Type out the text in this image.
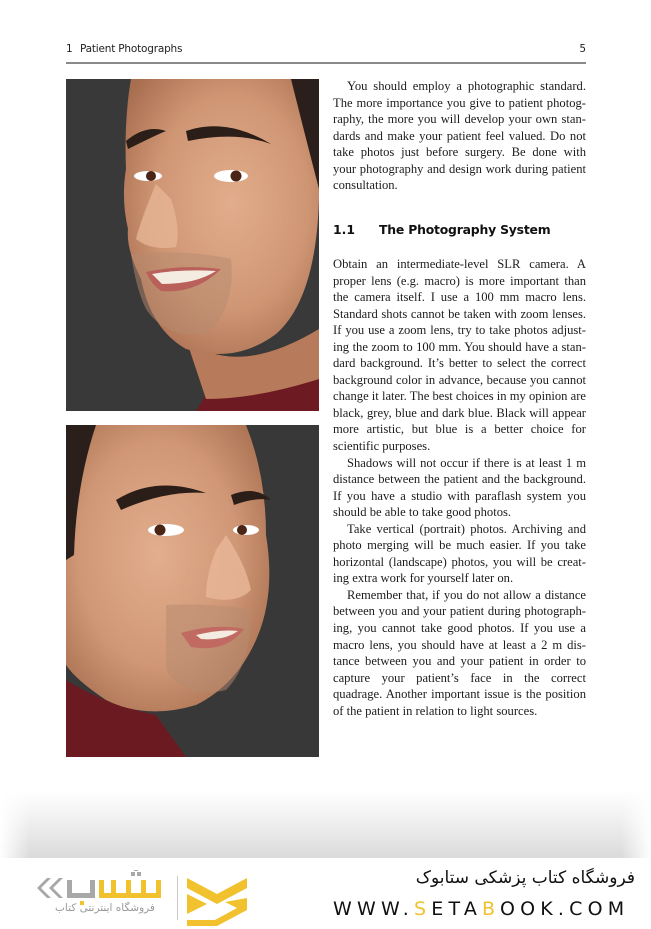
1 Patient Photographs	5

You should employ a photographic standard. The more importance you give to patient photography, the more you will develop your own standards and make your patient feel valued. Do not take photos just before surgery. Be done with your photography and design work during patient consultation.

1.1 The Photography System

Obtain an intermediate-level SLR camera. A proper lens (e.g. macro) is more important than the camera itself. I use a 100 mm macro lens. Standard shots cannot be taken with zoom lenses. If you use a zoom lens, try to take photos adjusting the zoom to 100 mm. You should have a standard background. It’s better to select the correct background color in advance, because you cannot change it later. The best choices in my opinion are black, grey, blue and dark blue. Black will appear more artistic, but blue is a better choice for scientific purposes.

Shadows will not occur if there is at least 1 m distance between the patient and the background. If you have a studio with paraflash system you should be able to take good photos.

Take vertical (portrait) photos. Archiving and photo merging will be much easier. If you take horizontal (landscape) photos, you will be creating extra work for yourself later on.

Remember that, if you do not allow a distance between you and your patient during photographing, you cannot take good photos. If you use a macro lens, you should have at least a 2 m distance between you and your patient in order to capture your patient’s face in the correct quadrage. Another important issue is the position of the patient in relation to light sources.

فروشگاه اینترنتی کتاب
فروشگاه کتاب پزشکی ستابوک
WWW.SETABOOK.COM
